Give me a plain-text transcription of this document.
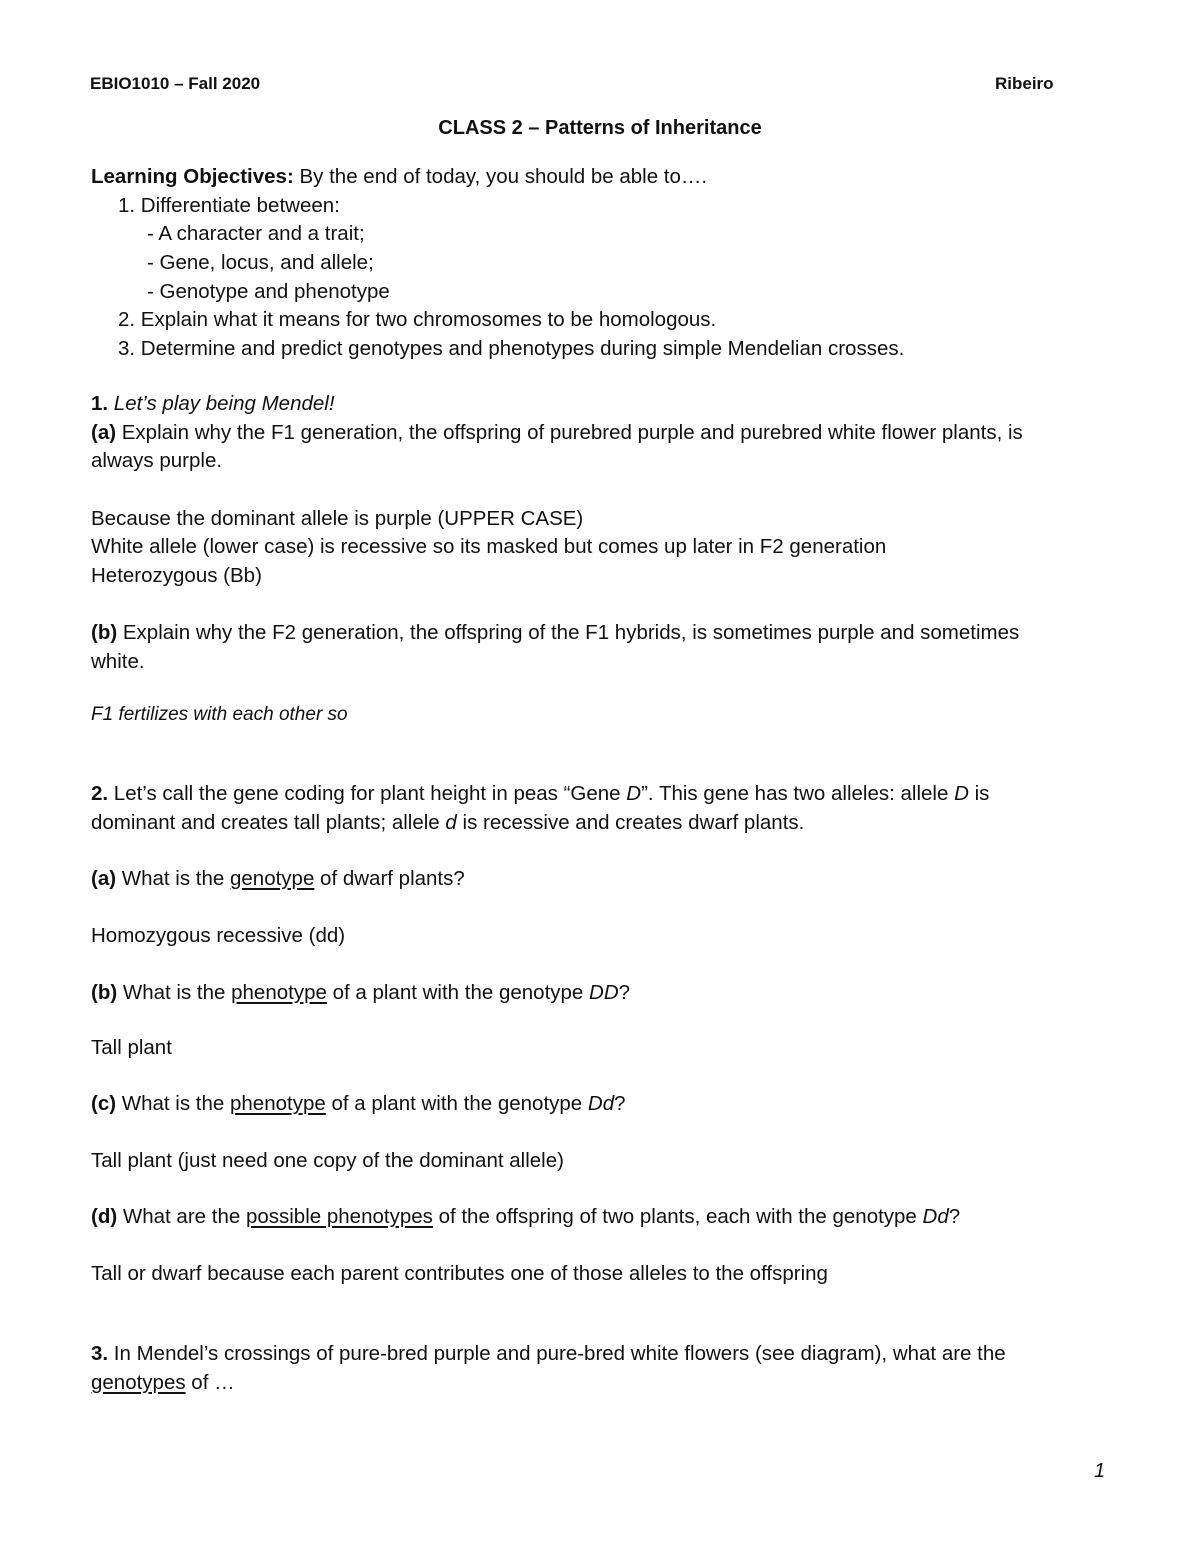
EBIO1010 – Fall 2020	Ribeiro
CLASS 2 – Patterns of Inheritance
Learning Objectives: By the end of today, you should be able to….
1. Differentiate between:
- A character and a trait;
- Gene, locus, and allele;
- Genotype and phenotype
2. Explain what it means for two chromosomes to be homologous.
3. Determine and predict genotypes and phenotypes during simple Mendelian crosses.
1. Let’s play being Mendel!
(a) Explain why the F1 generation, the offspring of purebred purple and purebred white flower plants, is
always purple.
Because the dominant allele is purple (UPPER CASE)
White allele (lower case) is recessive so its masked but comes up later in F2 generation
Heterozygous (Bb)
(b) Explain why the F2 generation, the offspring of the F1 hybrids, is sometimes purple and sometimes
white.
F1 fertilizes with each other so
2. Let’s call the gene coding for plant height in peas “Gene D”. This gene has two alleles: allele D is
dominant and creates tall plants; allele d is recessive and creates dwarf plants.
(a) What is the genotype of dwarf plants?
Homozygous recessive (dd)
(b) What is the phenotype of a plant with the genotype DD?
Tall plant
(c) What is the phenotype of a plant with the genotype Dd?
Tall plant (just need one copy of the dominant allele)
(d) What are the possible phenotypes of the offspring of two plants, each with the genotype Dd?
Tall or dwarf because each parent contributes one of those alleles to the offspring
3. In Mendel’s crossings of pure-bred purple and pure-bred white flowers (see diagram), what are the
genotypes of …
1
